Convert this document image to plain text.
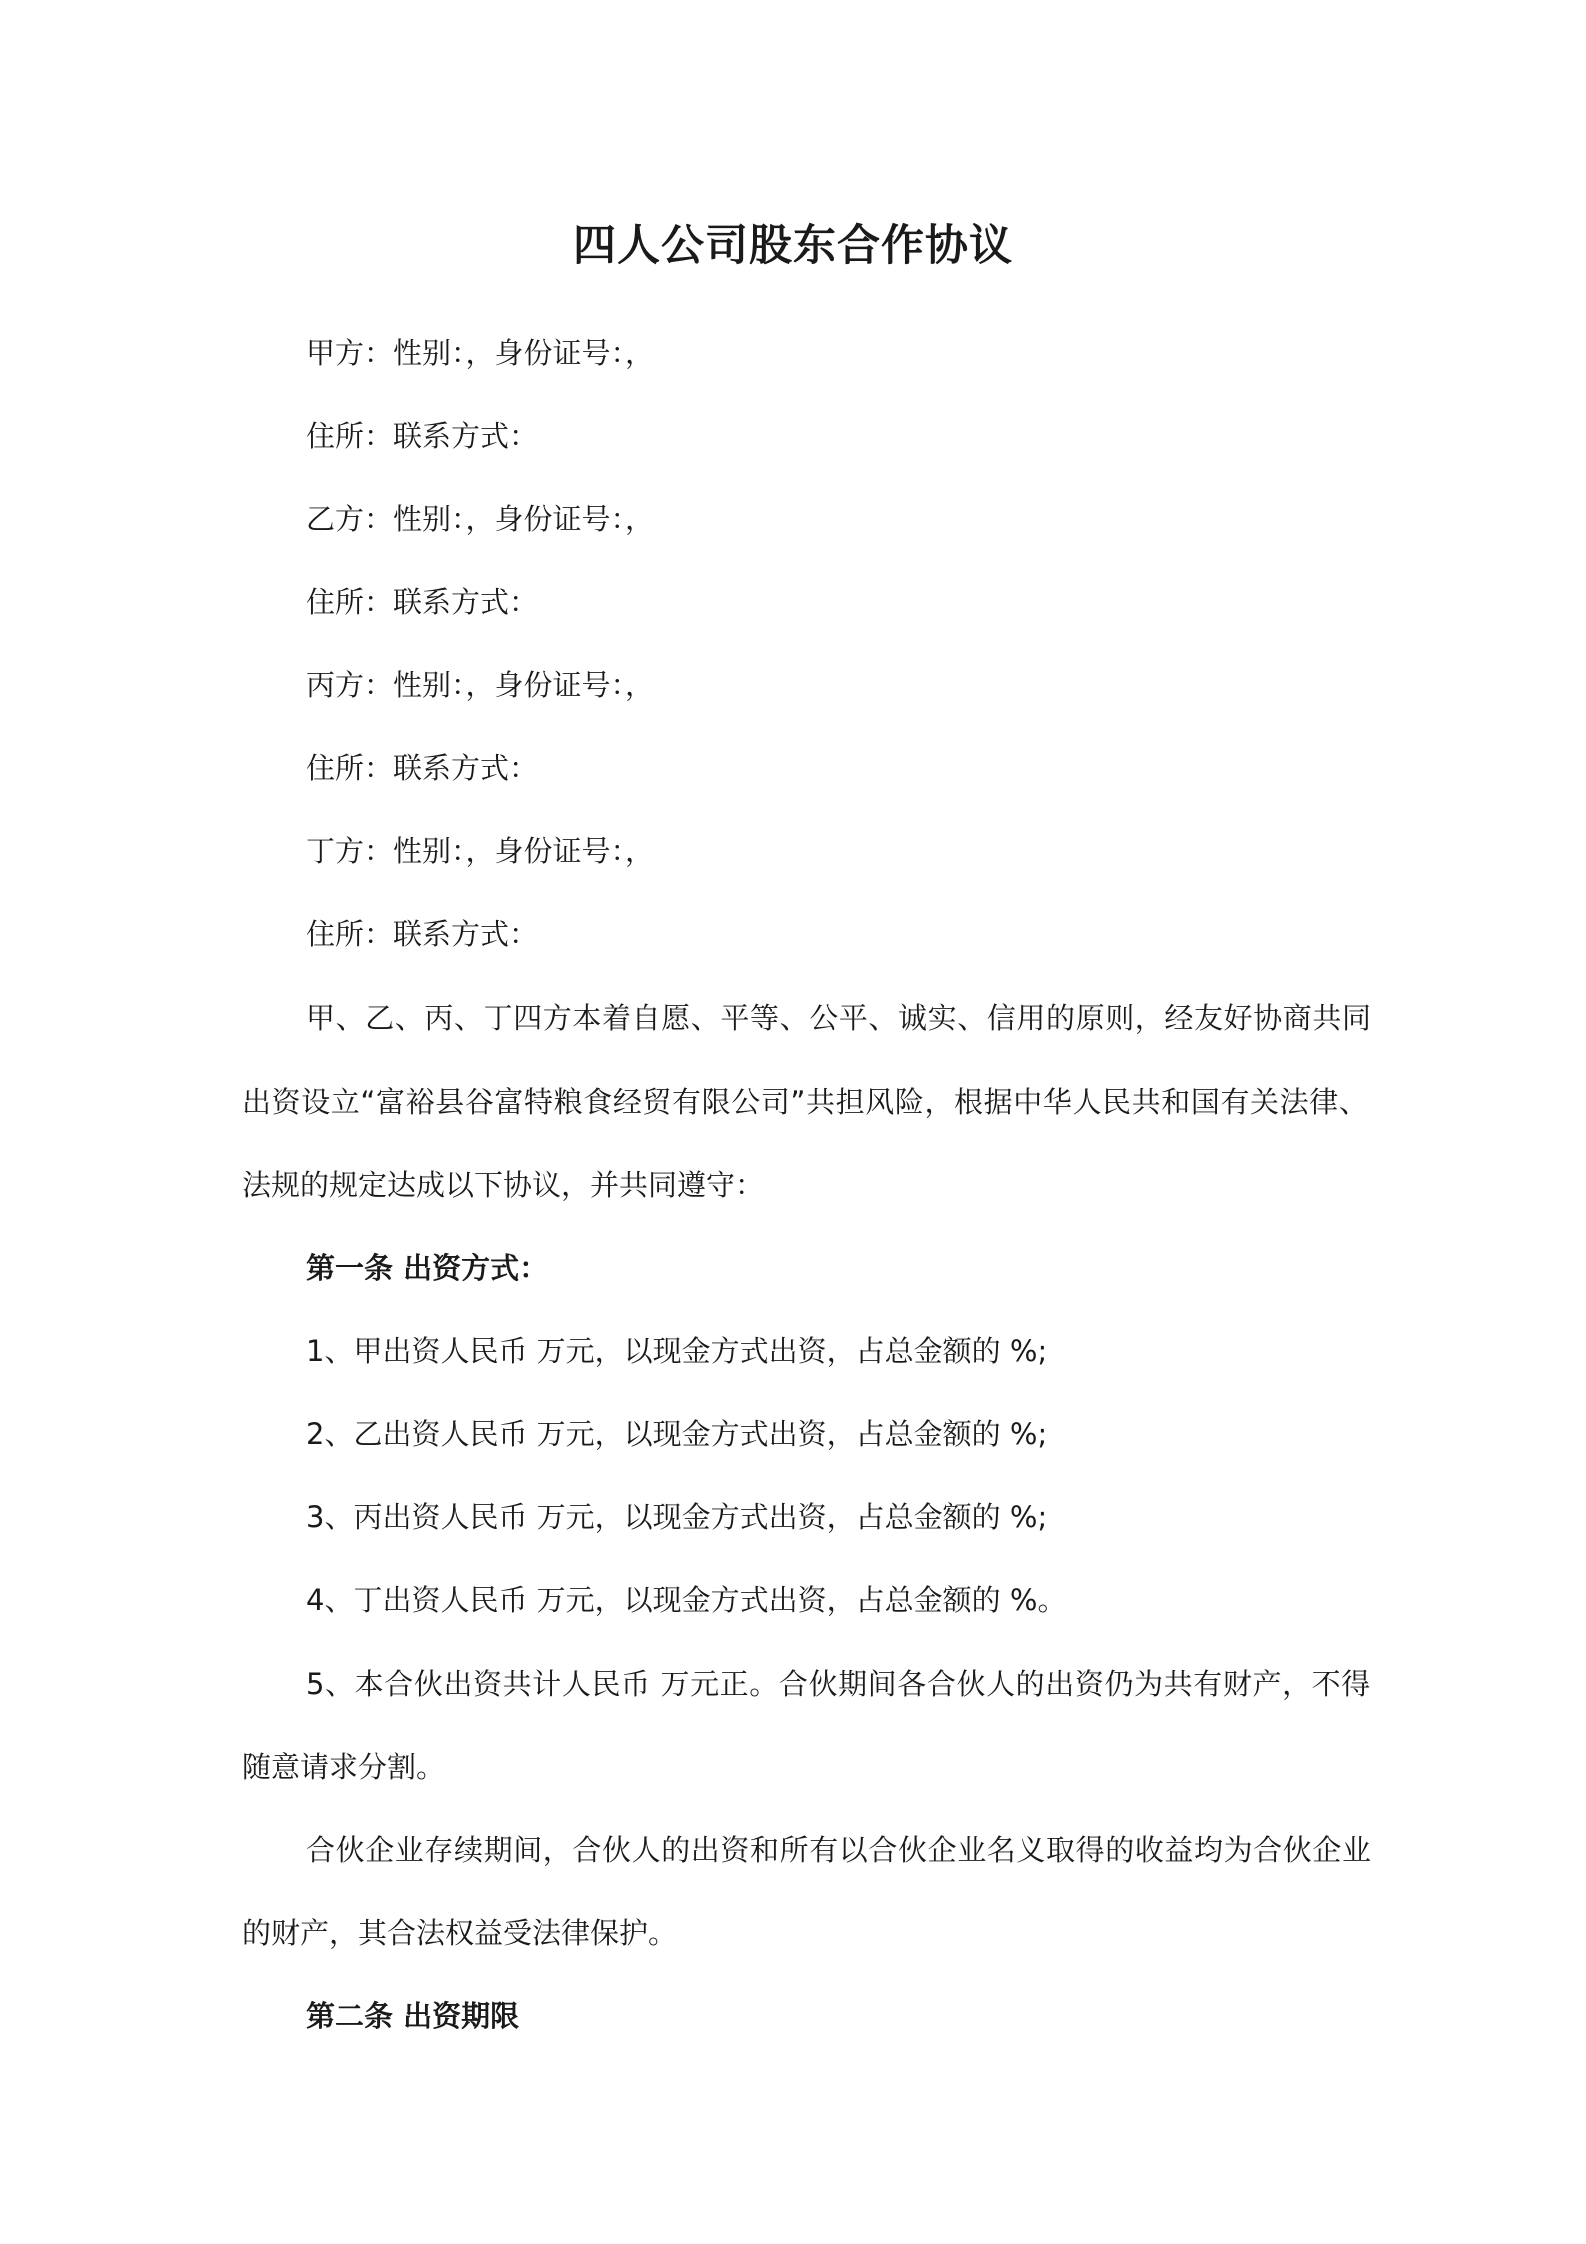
四人公司股东合作协议

甲方：性别：，身份证号：，

住所：联系方式：

乙方：性别：，身份证号：，

住所：联系方式：

丙方：性别：，身份证号：，

住所：联系方式：

丁方：性别：，身份证号：，

住所：联系方式：

甲、乙、丙、丁四方本着自愿、平等、公平、诚实、信用的原则，经友好协商共同

出资设立“富裕县谷富特粮食经贸有限公司”共担风险，根据中华人民共和国有关法律、

法规的规定达成以下协议，并共同遵守：

第一条 出资方式：

1、甲出资人民币 万元，以现金方式出资，占总金额的 %;

2、乙出资人民币 万元，以现金方式出资，占总金额的 %;

3、丙出资人民币 万元，以现金方式出资，占总金额的 %;

4、丁出资人民币 万元，以现金方式出资，占总金额的 %。

5、本合伙出资共计人民币 万元正。合伙期间各合伙人的出资仍为共有财产，不得

随意请求分割。

合伙企业存续期间，合伙人的出资和所有以合伙企业名义取得的收益均为合伙企业

的财产，其合法权益受法律保护。

第二条 出资期限
